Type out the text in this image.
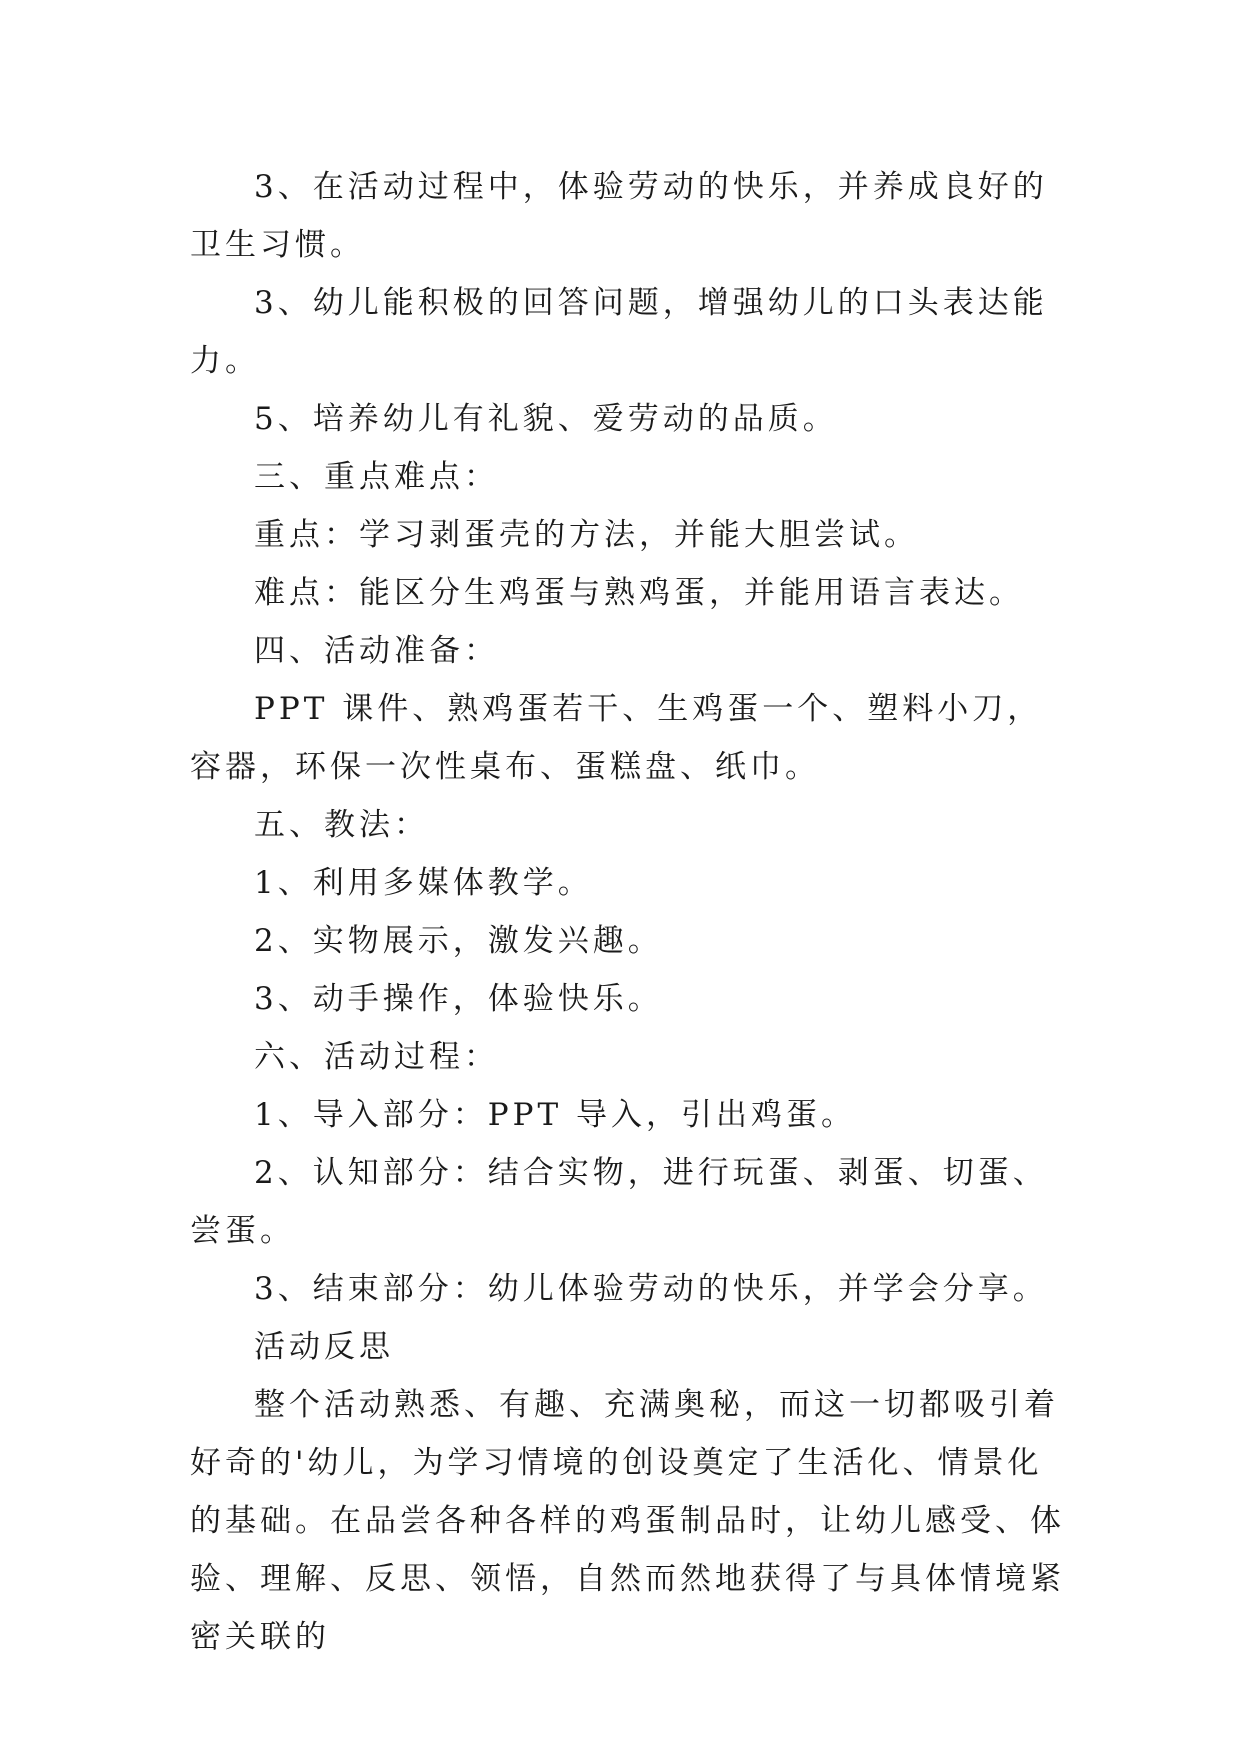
3、在活动过程中，体验劳动的快乐，并养成良好的卫生习惯。

3、幼儿能积极的回答问题，增强幼儿的口头表达能力。

5、培养幼儿有礼貌、爱劳动的品质。

三、重点难点：

重点：学习剥蛋壳的方法，并能大胆尝试。

难点：能区分生鸡蛋与熟鸡蛋，并能用语言表达。

四、活动准备：

PPT 课件、熟鸡蛋若干、生鸡蛋一个、塑料小刀，容器，环保一次性桌布、蛋糕盘、纸巾。

五、教法：

1、利用多媒体教学。

2、实物展示，激发兴趣。

3、动手操作，体验快乐。

六、活动过程：

1、导入部分：PPT 导入，引出鸡蛋。

2、认知部分：结合实物，进行玩蛋、剥蛋、切蛋、尝蛋。

3、结束部分：幼儿体验劳动的快乐，并学会分享。

活动反思

整个活动熟悉、有趣、充满奥秘，而这一切都吸引着好奇的'幼儿，为学习情境的创设奠定了生活化、情景化的基础。在品尝各种各样的鸡蛋制品时，让幼儿感受、体验、理解、反思、领悟，自然而然地获得了与具体情境紧密关联的
